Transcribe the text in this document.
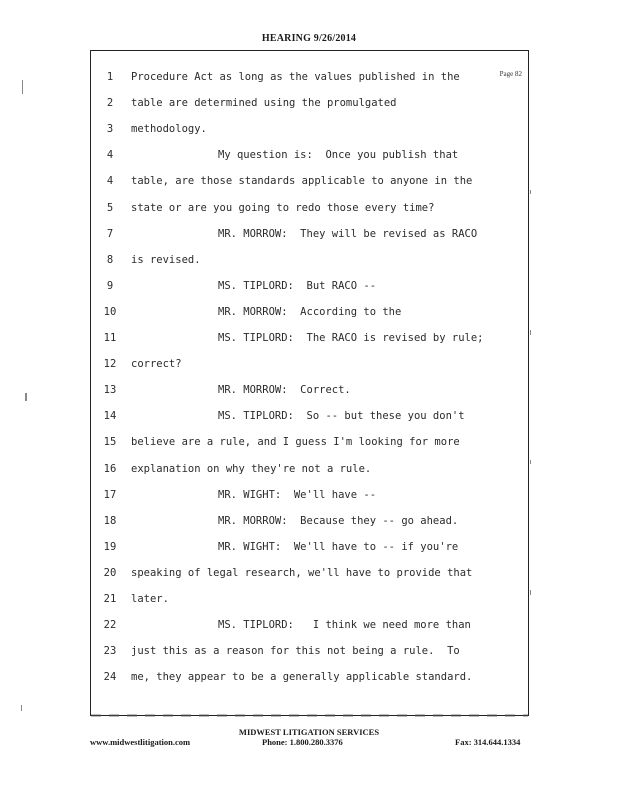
HEARING 9/26/2014
Page 82
1	Procedure Act as long as the values published in the
2	table are determined using the promulgated
3	methodology.
4	My question is:  Once you publish that
4	table, are those standards applicable to anyone in the
5	state or are you going to redo those every time?
7	MR. MORROW:  They will be revised as RACO
8	is revised.
9	MS. TIPLORD:  But RACO --
10	MR. MORROW:  According to the
11	MS. TIPLORD:  The RACO is revised by rule;
12	correct?
13	MR. MORROW:  Correct.
14	MS. TIPLORD:  So -- but these you don't
15	believe are a rule, and I guess I'm looking for more
16	explanation on why they're not a rule.
17	MR. WIGHT:  We'll have --
18	MR. MORROW:  Because they -- go ahead.
19	MR. WIGHT:  We'll have to -- if you're
20	speaking of legal research, we'll have to provide that
21	later.
22	MS. TIPLORD:   I think we need more than
23	just this as a reason for this not being a rule.  To
24	me, they appear to be a generally applicable standard.
MIDWEST LITIGATION SERVICES
www.midwestlitigation.com	Phone: 1.800.280.3376	Fax: 314.644.1334
